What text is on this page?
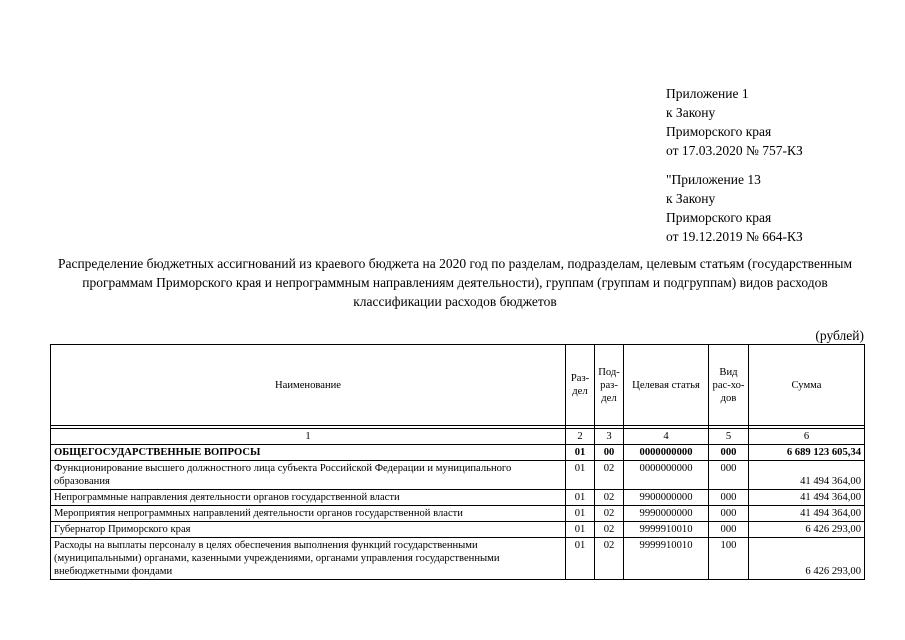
Приложение 1
к Закону
Приморского края
от 17.03.2020 № 757-КЗ
"Приложение 13
к Закону
Приморского края
от 19.12.2019 № 664-КЗ
Распределение бюджетных ассигнований из краевого бюджета на 2020 год по разделам, подразделам, целевым статьям (государственным программам Приморского края и непрограммным направлениям деятельности), группам (группам и подгруппам) видов расходов классификации расходов бюджетов
(рублей)
Наименование	Раз-дел	Под-раз-дел	Целевая статья	Вид рас-хо-дов	Сумма

1	2	3	4	5	6
ОБЩЕГОСУДАРСТВЕННЫЕ ВОПРОСЫ	01	00	0000000000	000	6 689 123 605,34
Функционирование высшего должностного лица субъекта Российской Федерации и муниципального образования	01	02	0000000000	000	41 494 364,00
Непрограммные направления деятельности органов государственной власти	01	02	9900000000	000	41 494 364,00
Мероприятия непрограммных направлений деятельности органов государственной власти	01	02	9990000000	000	41 494 364,00
Губернатор Приморского края	01	02	9999910010	000	6 426 293,00
Расходы на выплаты персоналу в целях обеспечения выполнения функций государственными (муниципальными) органами, казенными учреждениями, органами управления государственными внебюджетными фондами	01	02	9999910010	100	6 426 293,00
